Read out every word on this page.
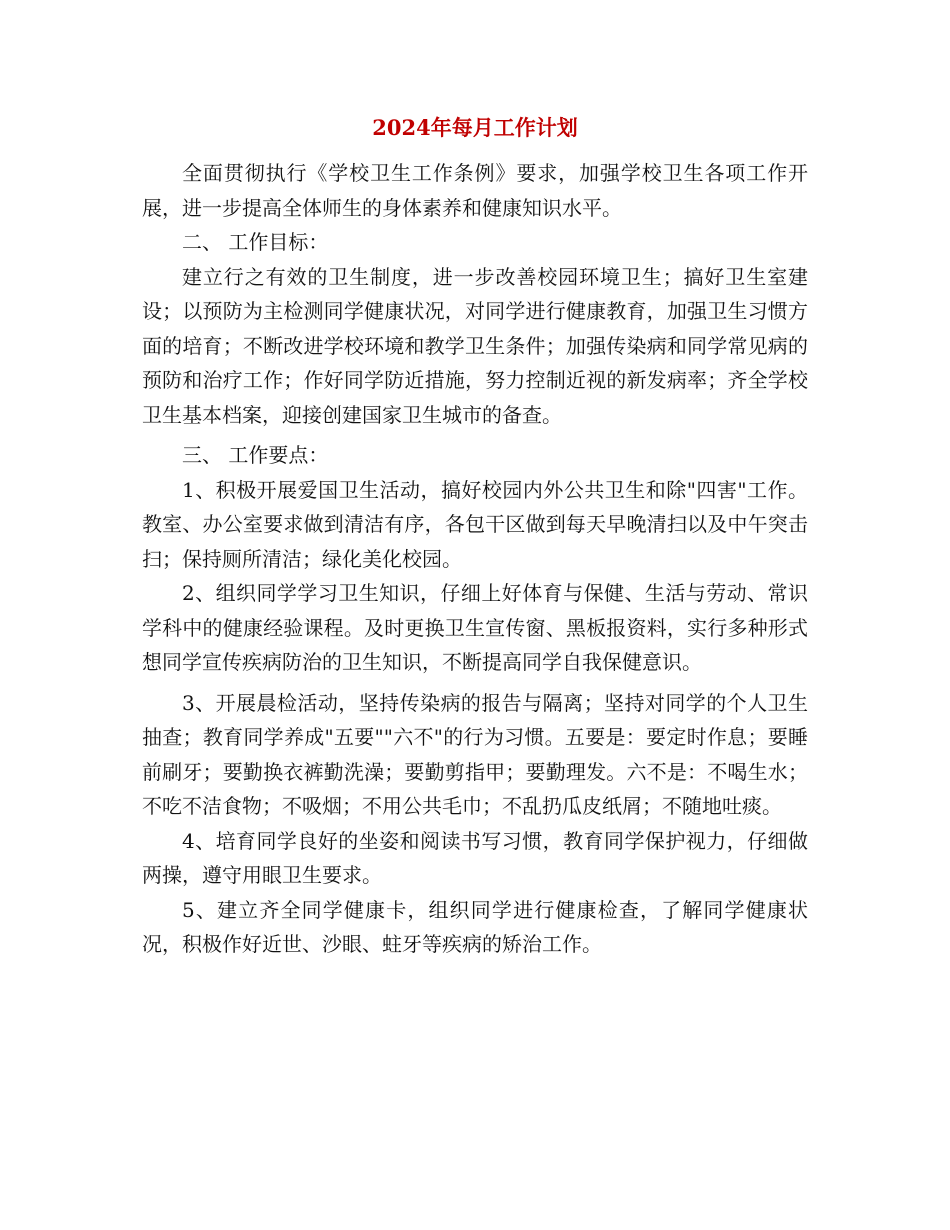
2024年每月工作计划

全面贯彻执行《学校卫生工作条例》要求，加强学校卫生各项工作开展，进一步提高全体师生的身体素养和健康知识水平。

二、 工作目标：

建立行之有效的卫生制度，进一步改善校园环境卫生；搞好卫生室建设；以预防为主检测同学健康状况，对同学进行健康教育，加强卫生习惯方面的培育；不断改进学校环境和教学卫生条件；加强传染病和同学常见病的预防和治疗工作；作好同学防近措施，努力控制近视的新发病率；齐全学校卫生基本档案，迎接创建国家卫生城市的备查。

三、 工作要点：

1、积极开展爱国卫生活动，搞好校园内外公共卫生和除"四害"工作。教室、办公室要求做到清洁有序，各包干区做到每天早晚清扫以及中午突击扫；保持厕所清洁；绿化美化校园。

2、组织同学学习卫生知识，仔细上好体育与保健、生活与劳动、常识学科中的健康经验课程。及时更换卫生宣传窗、黑板报资料，实行多种形式想同学宣传疾病防治的卫生知识，不断提高同学自我保健意识。

3、开展晨检活动，坚持传染病的报告与隔离；坚持对同学的个人卫生抽查；教育同学养成"五要""六不"的行为习惯。五要是：要定时作息；要睡前刷牙；要勤换衣裤勤洗澡；要勤剪指甲；要勤理发。六不是：不喝生水；不吃不洁食物；不吸烟；不用公共毛巾；不乱扔瓜皮纸屑；不随地吐痰。

4、培育同学良好的坐姿和阅读书写习惯，教育同学保护视力，仔细做两操，遵守用眼卫生要求。

5、建立齐全同学健康卡，组织同学进行健康检查，了解同学健康状况，积极作好近世、沙眼、蛀牙等疾病的矫治工作。
